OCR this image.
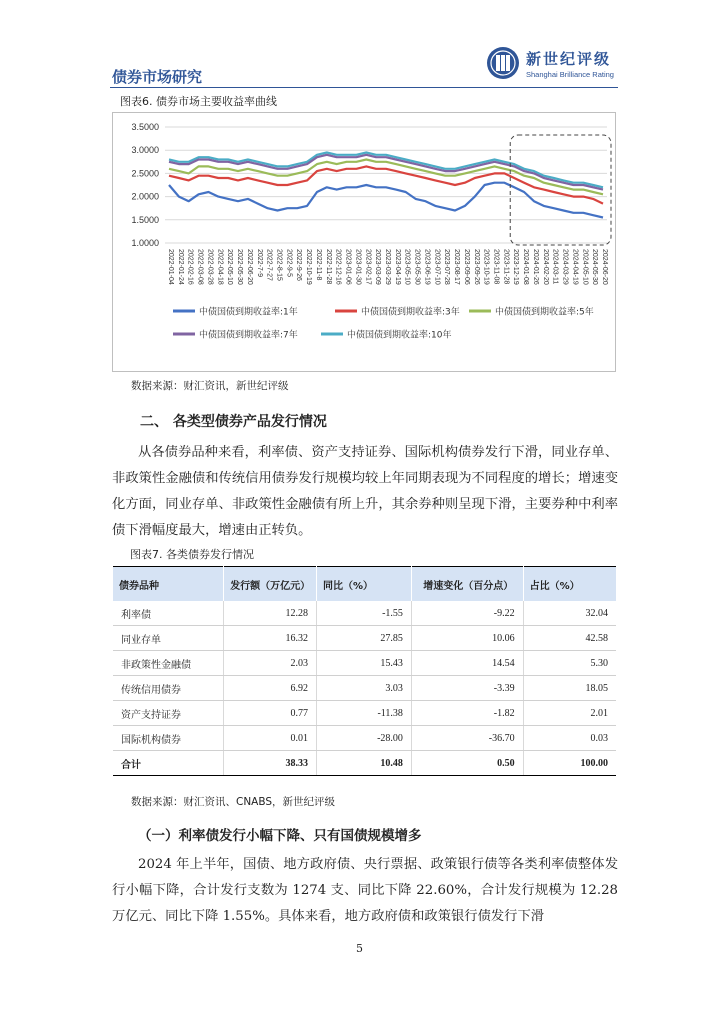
债券市场研究
新世纪评级
Shanghai Brilliance Rating
图表6. 债券市场主要收益率曲线
3.5000
3.0000
2.5000
2.0000
1.5000
1.0000
2022-01-04 2022-01-24 2022-02-16 2022-03-08 2022-03-28 2022-04-18 2022-05-10 2022-05-30 2022-06-20 2022-7-9 2022-7-27 2022-8-15 2022-9-5 2022-9-26 2022-10-19 2022-11-8 2022-11-28 2022-12-16 2023-01-06 2023-01-30 2023-02-17 2023-03-09 2023-03-29 2023-04-19 2023-05-10 2023-05-30 2023-06-19 2023-07-10 2023-07-28 2023-08-17 2023-09-06 2023-09-26 2023-10-19 2023-11-08 2023-11-28 2023-12-19 2024-01-08 2024-01-26 2024-02-20 2024-03-11 2024-03-29 2024-04-19 2024-05-10 2024-05-30 2024-06-20
中债国债到期收益率:1年	中债国债到期收益率:3年	中债国债到期收益率:5年
中债国债到期收益率:7年	中债国债到期收益率:10年
数据来源：财汇资讯，新世纪评级
二、 各类型债券产品发行情况

从各债券品种来看，利率债、资产支持证券、国际机构债券发行下滑，同业存单、非政策性金融债和传统信用债券发行规模均较上年同期表现为不同程度的增长；增速变化方面，同业存单、非政策性金融债有所上升，其余券种则呈现下滑，主要券种中利率债下滑幅度最大，增速由正转负。

图表7. 各类债券发行情况
债券品种	发行额（万亿元）	同比（%）	增速变化（百分点）	占比（%）
利率债	12.28	-1.55	-9.22	32.04
同业存单	16.32	27.85	10.06	42.58
非政策性金融债	2.03	15.43	14.54	5.30
传统信用债券	6.92	3.03	-3.39	18.05
资产支持证券	0.77	-11.38	-1.82	2.01
国际机构债券	0.01	-28.00	-36.70	0.03
合计	38.33	10.48	0.50	100.00
数据来源：财汇资讯、CNABS，新世纪评级
（一）利率债发行小幅下降、只有国债规模增多

2024 年上半年，国债、地方政府债、央行票据、政策银行债等各类利率债整体发行小幅下降，合计发行支数为 1274 支、同比下降 22.60%，合计发行规模为 12.28 万亿元、同比下降 1.55%。具体来看，地方政府债和政策银行债发行下滑

5
